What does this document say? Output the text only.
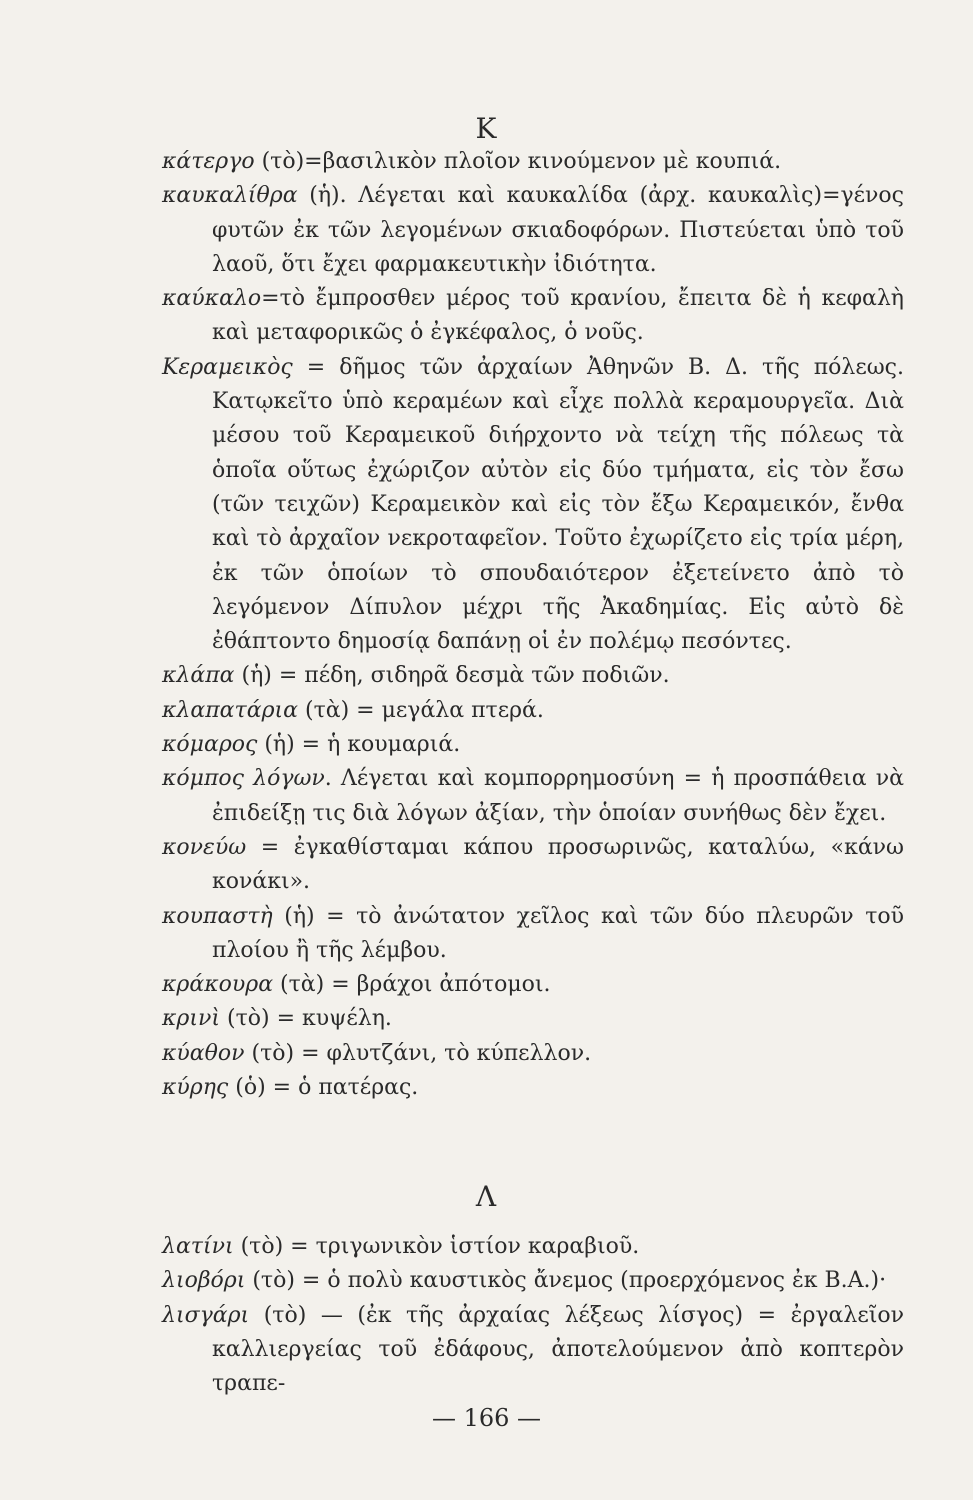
K

κάτεργο (τὸ)=βασιλικὸν πλοῖον κινούμενον μὲ κουπιά.

καυκαλίθρα (ἡ). Λέγεται καὶ καυκαλίδα (ἀρχ. καυκαλὶς)=γένος φυτῶν ἐκ τῶν λεγομένων σκιαδοφόρων. Πιστεύεται ὑπὸ τοῦ λαοῦ, ὅτι ἔχει φαρμακευτικὴν ἰδιότητα.

καύκαλο=τὸ ἔμπροσθεν μέρος τοῦ κρανίου, ἔπειτα δὲ ἡ κεφαλὴ καὶ μεταφορικῶς ὁ ἐγκέφαλος, ὁ νοῦς.

Κεραμεικὸς = δῆμος τῶν ἀρχαίων Ἀθηνῶν Β. Δ. τῆς πόλεως. Κατῳκεῖτο ὑπὸ κεραμέων καὶ εἶχε πολλὰ κεραμουργεῖα. Διὰ μέσου τοῦ Κεραμεικοῦ διήρχοντο νὰ τείχη τῆς πόλεως τὰ ὁποῖα οὕτως ἐχώριζον αὐτὸν εἰς δύο τμήματα, εἰς τὸν ἔσω (τῶν τειχῶν) Κεραμεικὸν καὶ εἰς τὸν ἔξω Κεραμεικόν, ἔνθα καὶ τὸ ἀρχαῖον νεκροταφεῖον. Τοῦτο ἐχωρίζετο εἰς τρία μέρη, ἐκ τῶν ὁποίων τὸ σπουδαιότερον ἐξετείνετο ἀπὸ τὸ λεγόμενον Δίπυλον μέχρι τῆς Ἀκαδημίας. Εἰς αὐτὸ δὲ ἐθάπτοντο δημοσίᾳ δαπάνῃ οἱ ἐν πολέμῳ πεσόντες.

κλάπα (ἡ) = πέδη, σιδηρᾶ δεσμὰ τῶν ποδιῶν.

κλαπατάρια (τὰ) = μεγάλα πτερά.

κόμαρος (ἡ) = ἡ κουμαριά.

κόμπος λόγων. Λέγεται καὶ κομπορρημοσύνη = ἡ προσπάθεια νὰ ἐπιδείξῃ τις διὰ λόγων ἀξίαν, τὴν ὁποίαν συνήθως δὲν ἔχει.

κονεύω = ἐγκαθίσταμαι κάπου προσωρινῶς, καταλύω, «κάνω κονάκι».

κουπαστὴ (ἡ) = τὸ ἀνώτατον χεῖλος καὶ τῶν δύο πλευρῶν τοῦ πλοίου ἢ τῆς λέμβου.

κράκουρα (τὰ) = βράχοι ἀπότομοι.

κρινὶ (τὸ) = κυψέλη.

κύαθον (τὸ) = φλυτζάνι, τὸ κύπελλον.

κύρης (ὁ) = ὁ πατέρας.

Λ

λατίνι (τὸ) = τριγωνικὸν ἱστίον καραβιοῦ.

λιοβόρι (τὸ) = ὁ πολὺ καυστικὸς ἄνεμος (προερχόμενος ἐκ Β.Α.)·

λισγάρι (τὸ) — (ἐκ τῆς ἀρχαίας λέξεως λίσγος) = ἐργαλεῖον καλλιεργείας τοῦ ἐδάφους, ἀποτελούμενον ἀπὸ κοπτερὸν τραπε-

— 166 —
